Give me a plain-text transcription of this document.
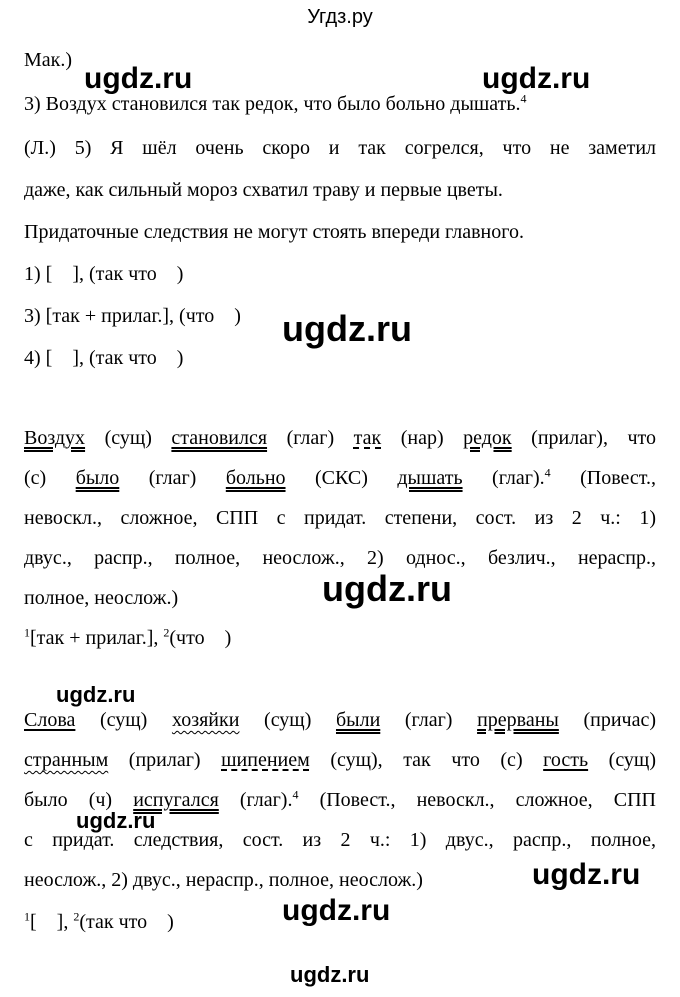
Угдз.ру
ugdz.ru	ugdz.ru
ugdz.ru
ugdz.ru
ugdz.ru
ugdz.ru
ugdz.ru
ugdz.ru
ugdz.ru
Мак.)
3) Воздух становился так редок, что было больно дышать.$^4$
(Л.) 5) Я шёл очень скоро и так согрелся, что не заметил
даже, как сильный мороз схватил траву и первые цветы.
Придаточные следствия не могут стоять впереди главного.
1) [    ], (так что    )
3) [так + прилаг.], (что    )
4) [    ], (так что    )
Воздух (сущ) становился (глаг) так (нар) редок (прилаг), что
(с) было (глаг) больно (СКС) дышать (глаг).$^4$ (Повест.,
невоскл., сложное, СПП с придат. степени, сост. из 2 ч.: 1)
двус., распр., полное, неослож., 2) однос., безлич., нераспр.,
полное, неослож.)
$^1$[так + прилаг.], $^2$(что    )
Слова (сущ) хозяйки (сущ) были (глаг) прерваны (причас)
странным (прилаг) шипением (сущ), так что (с) гость (сущ)
было (ч) испугался (глаг).$^4$ (Повест., невоскл., сложное, СПП
с придат. следствия, сост. из 2 ч.: 1) двус., распр., полное,
неослож., 2) двус., нераспр., полное, неослож.)
$^1$[    ], $^2$(так что    )
